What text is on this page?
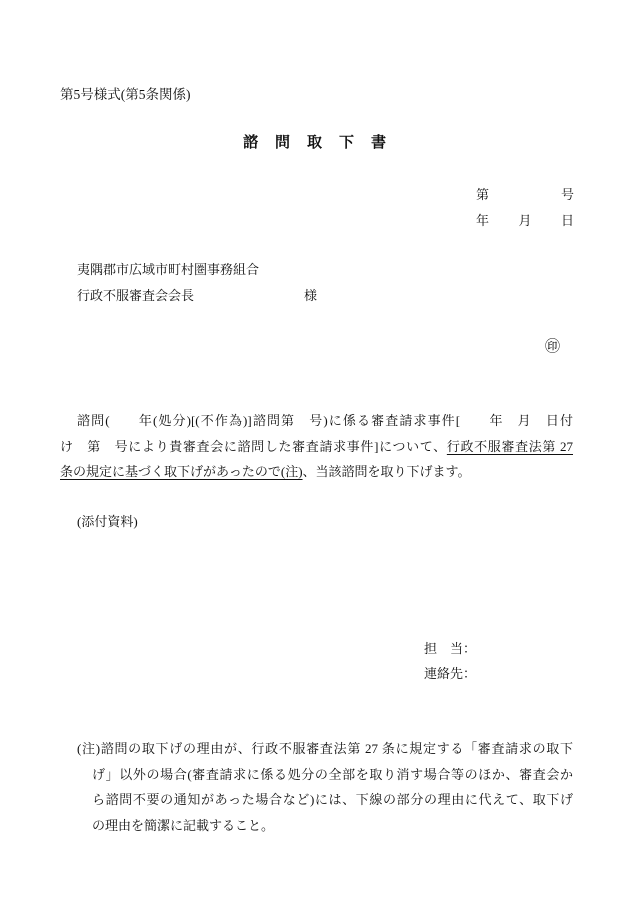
第5号様式(第5条関係)
諮　問　取　下　書
第	号
年 月 日
夷隅郡市広域市町村圏事務組合
行政不服審査会会長	様
㊞
諮問(　　年(処分)[(不作為)]諮問第　号)に係る審査請求事件[　　年　月　日付
け　第　号により貴審査会に諮問した審査請求事件]について、行政不服審査法第 27
条の規定に基づく取下げがあったので(注)、当該諮問を取り下げます。
(添付資料)
担　当：
連絡先：
(注)諮問の取下げの理由が、行政不服審査法第 27 条に規定する「審査請求の取下
げ」以外の場合(審査請求に係る処分の全部を取り消す場合等のほか、審査会か
ら諮問不要の通知があった場合など)には、下線の部分の理由に代えて、取下げ
の理由を簡潔に記載すること。
